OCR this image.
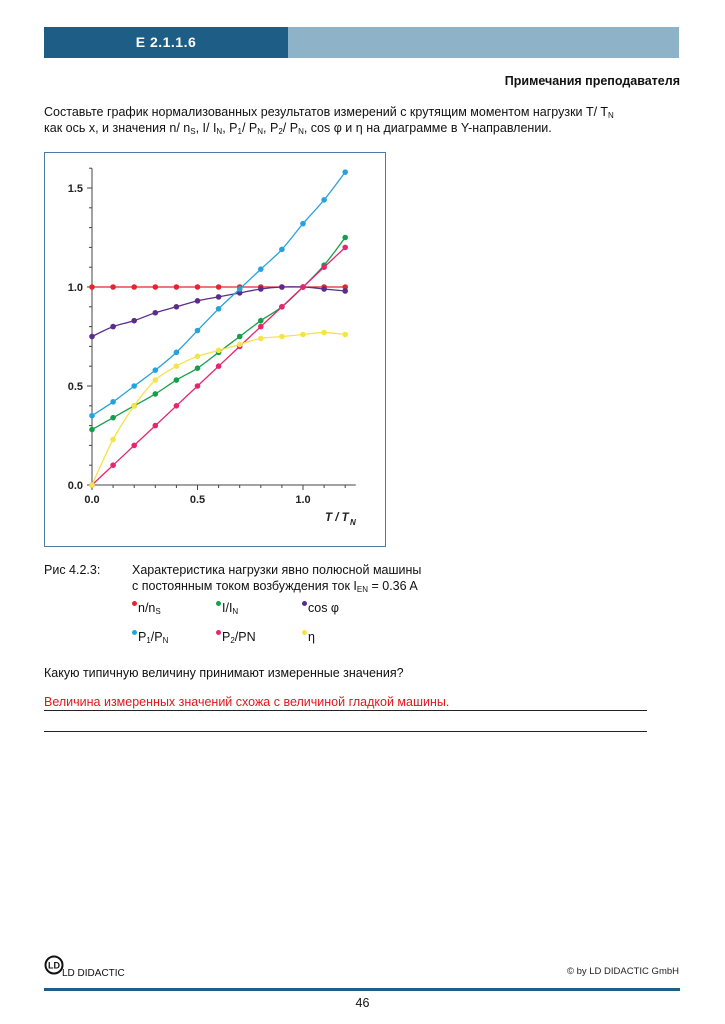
E 2.1.1.6
Примечания преподавателя
Составьте график нормализованных результатов измерений с крутящим моментом нагрузки T/ $T_N$
как ось x, и значения n/ $n_S$, I/ $I_N$, $P_1/$ $P_N$, $P_2/$ $P_N$, cos φ и η на диаграмме в Y-направлении.
0.0
0.5
1.0
1.5
0.0	0.5	1.0
T / T N
Рис 4.2.3:	Характеристика нагрузки явно полюсной машины
с постоянным током возбуждения ток $I_{EN} = 0.36$ A
$n/n_S$	$I/I_N$	cos φ
$P_1/P_N$	$P_2/PN$	η
Какую типичную величину принимают измеренные значения?
Величина измеренных значений схожа с величиной гладкой машины.
LD
LD DIDACTIC	© by LD DIDACTIC GmbH
46
